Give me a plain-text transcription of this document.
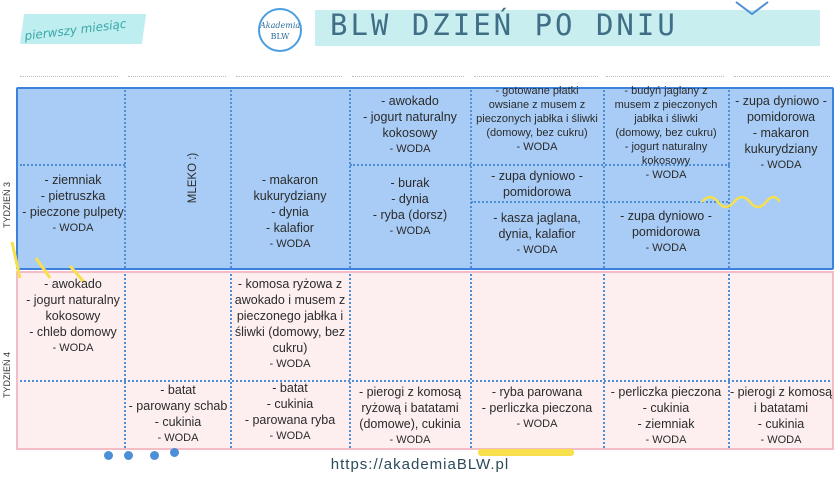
pierwszy miesiąc	Akademia
BLW	BLW DZIEŃ PO DNIU
TYDZIEŃ 3
TYDZIEŃ 4
MLEKO :)
- ziemniak
- pietruszka
- pieczone pulpety
- WODA
- makaron
kukurydziany
- dynia
- kalafior
- WODA
- awokado
- jogurt naturalny
kokosowy
- WODA
- burak
- dynia
- ryba (dorsz)
- WODA
- gotowane płatki
owsiane z musem z
pieczonych jabłka i śliwki
(domowy, bez cukru)
- WODA
- zupa dyniowo -
pomidorowa
- kasza jaglana,
dynia, kalafior
- WODA
- budyń jaglany z
musem z pieczonych
jabłka i śliwki
(domowy, bez cukru)
- jogurt naturalny
kokosowy
- WODA
- zupa dyniowo -
pomidorowa
- WODA
- zupa dyniowo -
pomidorowa
- makaron
kukurydziany
- WODA
- awokado
- jogurt naturalny
kokosowy
- chleb domowy
- WODA
- komosa ryżowa z
awokado i musem z
pieczonego jabłka i
śliwki (domowy, bez
cukru)
- WODA
- batat
- parowany schab
- cukinia
- WODA
- batat
- cukinia
- parowana ryba
- WODA
- pierogi z komosą
ryżową i batatami
(domowe), cukinia
- WODA
- ryba parowana
- perliczka pieczona
- WODA
- perliczka pieczona
- cukinia
- ziemniak
- WODA
- pierogi z komosą
i batatami
- cukinia
- WODA
https://akademiaBLW.pl
